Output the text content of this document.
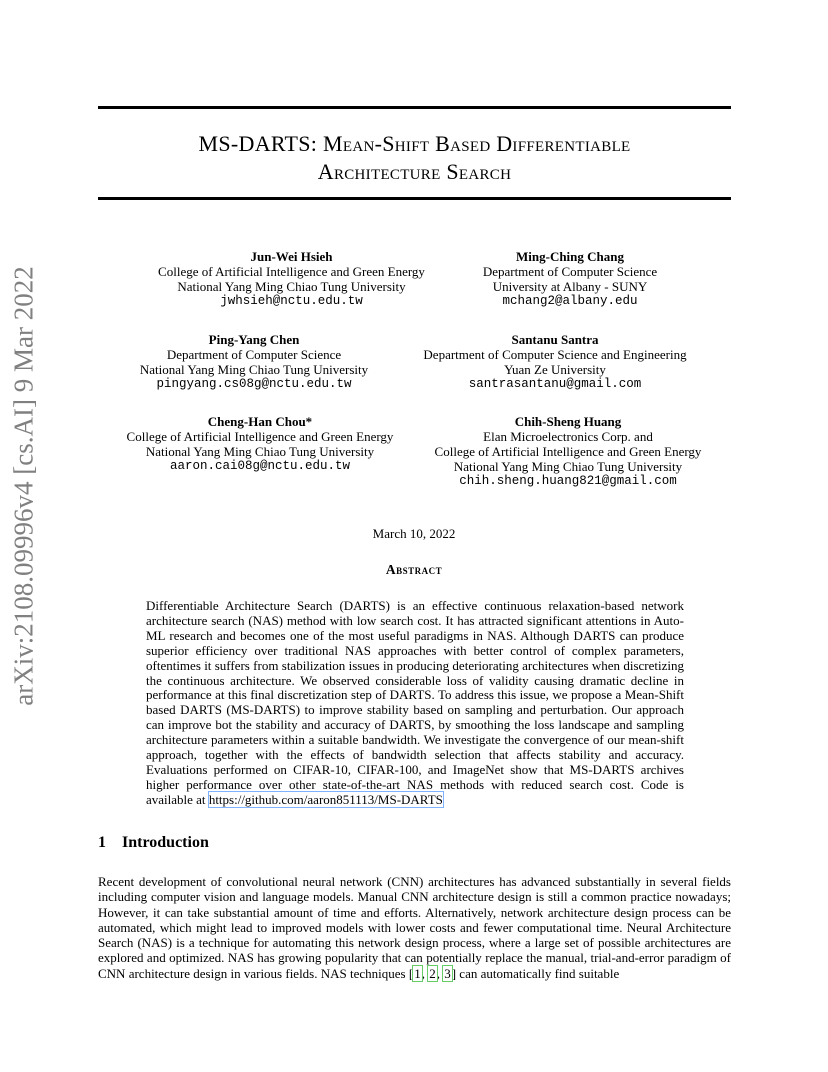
arXiv:2108.09996v4 [cs.AI] 9 Mar 2022
MS-DARTS: Mean-Shift Based Differentiable
Architecture Search
Jun-Wei Hsieh
College of Artificial Intelligence and Green Energy
National Yang Ming Chiao Tung University
jwhsieh@nctu.edu.tw
Ming-Ching Chang
Department of Computer Science
University at Albany - SUNY
mchang2@albany.edu
Ping-Yang Chen
Department of Computer Science
National Yang Ming Chiao Tung University
pingyang.cs08g@nctu.edu.tw
Santanu Santra
Department of Computer Science and Engineering
Yuan Ze University
santrasantanu@gmail.com
Cheng-Han Chou*
College of Artificial Intelligence and Green Energy
National Yang Ming Chiao Tung University
aaron.cai08g@nctu.edu.tw
Chih-Sheng Huang
Elan Microelectronics Corp. and
College of Artificial Intelligence and Green Energy
National Yang Ming Chiao Tung University
chih.sheng.huang821@gmail.com
March 10, 2022
Abstract
Differentiable Architecture Search (DARTS) is an effective continuous relaxation-based network architecture search (NAS) method with low search cost. It has attracted significant attentions in Auto-ML research and becomes one of the most useful paradigms in NAS. Although DARTS can produce superior efficiency over traditional NAS approaches with better control of complex parameters, oftentimes it suffers from stabilization issues in producing deteriorating architectures when discretizing the continuous architecture. We observed considerable loss of validity causing dramatic decline in performance at this final discretization step of DARTS. To address this issue, we propose a Mean-Shift based DARTS (MS-DARTS) to improve stability based on sampling and perturbation. Our approach can improve bot the stability and accuracy of DARTS, by smoothing the loss landscape and sampling architecture parameters within a suitable bandwidth. We investigate the convergence of our mean-shift approach, together with the effects of bandwidth selection that affects stability and accuracy. Evaluations performed on CIFAR-10, CIFAR-100, and ImageNet show that MS-DARTS archives higher performance over other state-of-the-art NAS methods with reduced search cost. Code is available at https://github.com/aaron851113/MS-DARTS
1 Introduction
Recent development of convolutional neural network (CNN) architectures has advanced substantially in several fields including computer vision and language models. Manual CNN architecture design is still a common practice nowadays; However, it can take substantial amount of time and efforts. Alternatively, network architecture design process can be automated, which might lead to improved models with lower costs and fewer computational time. Neural Architecture Search (NAS) is a technique for automating this network design process, where a large set of possible architectures are explored and optimized. NAS has growing popularity that can potentially replace the manual, trial-and-error paradigm of CNN architecture design in various fields. NAS techniques [1, 2, 3] can automatically find suitable
